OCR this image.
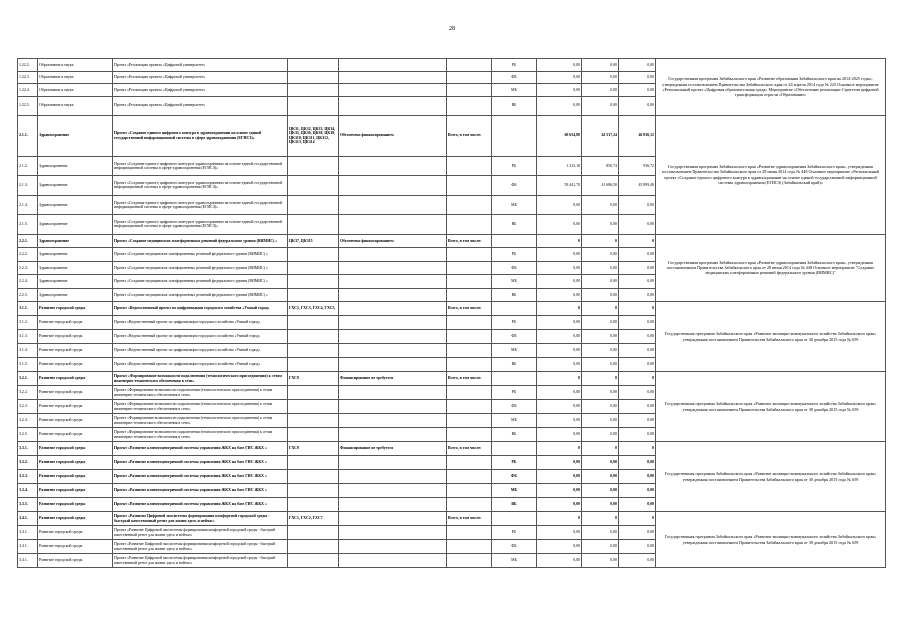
28
1.22.2.	Образование и наука	Проект «Реализация проекта «Цифровой университет»				РБ	0,00	0,00	0,00	Государственная программа Забайкальского края «Развитие образования Забайкальского края на 2014-2025 годы», утвержденная постановлением Правительства Забайкальского края от 24 апреля 2014 года № 225 Основное мероприятие «Региональный проект «Цифровая образовательная среда» Мероприятие «Обеспечение реализации Стратегии цифровой трансформации отрасли «Образование»
1.22.3.	Образование и наука	Проект «Реализация проекта «Цифровой университет»				ФБ	0,00	0,00	0,00	
1.22.4.	Образование и наука	Проект «Реализация проекта «Цифровой университет»				МБ	0,00	0,00	0,00	
1.22.5.	Образование и наука	Проект «Реализация проекта «Цифровой университет»				ВБ	0,00	0,00	0,00	
2.1.1.	Здравоохранение	Проект «Создание единого цифрового контура в здравоохранении на основе единой государственной информационной системы в сфере здравоохранения (ЕГИСЗ)»	ЦКЗ1, ЦКЗ2, ЦКЗ3, ЦКЗ4, ЦКЗ5, ЦКЗ6, ЦКЗ8, ЦКЗ9, ЦКЗ10, ЦКЗ11, ЦКЗ12, ЦКЗ13, ЦКЗ14	Обеспечено финансированием	Всего, в том числе:		60 654,80	42 537,24	46 836,12	Государственная программа Забайкальского края «Развитие здравоохранения Забайкальского края», утвержденная постановлением Правительства Забайкальского края от 28 июня 2014 года № 448 Основное мероприятие «Региональный проект «Создание единого цифрового контура в здравоохранении на основе единой государственной информационной системы здравоохранения (ЕГИСЗ) (Забайкальский край)»
2.1.2.	Здравоохранение	Проект «Создание единого цифрового контура в здравоохранении на основе единой государственной информационной системы в сфере здравоохранения (ЕГИСЗ)»				РБ	1 213,10	850,74	936,72	
2.1.3.	Здравоохранение	Проект «Создание единого цифрового контура в здравоохранении на основе единой государственной информационной системы в сфере здравоохранения (ЕГИСЗ)»				ФБ	59 441,70	41 686,50	45 899,40	
2.1.4.	Здравоохранение	Проект «Создание единого цифрового контура в здравоохранении на основе единой государственной информационной системы в сфере здравоохранения (ЕГИСЗ)»				МБ	0,00	0,00	0,00	
2.1.5.	Здравоохранение	Проект «Создание единого цифрового контура в здравоохранении на основе единой государственной информационной системы в сфере здравоохранения (ЕГИСЗ)»				ВБ	0,00	0,00	0,00	
2.2.1.	Здравоохранение	Проект «Создание медицинских платформенных решений федерального уровня (ВИМИС) »	ЦКЗ7, ЦКЗ15	Обеспечено финансированием	Всего, в том числе:		0	0	0	Государственная программа Забайкальского края «Развитие здравоохранения Забайкальского края», утвержденная постановлением Правительства Забайкальского края от 28 июня 2014 года № 448 Основное мероприятие "Создание медицинских платформенных решений федерального уровня (ВИМИС)"
2.2.2.	Здравоохранение	Проект «Создание медицинских платформенных решений федерального уровня (ВИМИС) »				РБ	0,00	0,00	0,00	
2.2.3.	Здравоохранение	Проект «Создание медицинских платформенных решений федерального уровня (ВИМИС) »				ФБ	0,00	0,00	0,00	
2.2.4.	Здравоохранение	Проект «Создание медицинских платформенных решений федерального уровня (ВИМИС) »				МБ	0,00	0,00	0,00	
2.2.5.	Здравоохранение	Проект «Создание медицинских платформенных решений федерального уровня (ВИМИС) »				ВБ	0,00	0,00	0,00	
3.1.1.	Развитие городской среды	Проект «Ведомственный проект по цифровизации городского хозяйства «Умный город»	ГХС1, ГХС3, ГХС4, ГХС5,		Всего, в том числе:		0	0	0	Государственная программа Забайкальского края «Развитие жилищно-коммунального хозяйства Забайкальского края» утвержденная постановлением Правительства Забайкальского края от 30 декабря 2015 года № 659
3.1.2.	Развитие городской среды	Проект «Ведомственный проект по цифровизации городского хозяйства «Умный город»				РБ	0,00	0,00	0,00	
3.1.3.	Развитие городской среды	Проект «Ведомственный проект по цифровизации городского хозяйства «Умный город»				ФБ	0,00	0,00	0,00	
3.1.4.	Развитие городской среды	Проект «Ведомственный проект по цифровизации городского хозяйства «Умный город»				МБ	0,00	0,00	0,00	
3.1.5.	Развитие городской среды	Проект «Ведомственный проект по цифровизации городского хозяйства «Умный город»				ВБ	0,00	0,00	0,00	
3.2.1.	Развитие городской среды	Проект «Формирование возможности подключения (технологического присоединения) к сетям инженерно-технического обеспечения в сети»	ГХС9	Финансирование не требуется	Всего, в том числе:		0	0	0	Государственная программа Забайкальского края «Развитие жилищно-коммунального хозяйства Забайкальского края» утвержденная постановлением Правительства Забайкальского края от 30 декабря 2015 года № 659
3.2.2.	Развитие городской среды	Проект «Формирование возможности подключения (технологического присоединения) к сетям инженерно-технического обеспечения в сети»				РБ	0,00	0,00	0,00	
3.2.3.	Развитие городской среды	Проект «Формирование возможности подключения (технологического присоединения) к сетям инженерно-технического обеспечения в сети»				ФБ	0,00	0,00	0,00	
3.2.4.	Развитие городской среды	Проект «Формирование возможности подключения (технологического присоединения) к сетям инженерно-технического обеспечения в сети»				МБ	0,00	0,00	0,00	
3.2.5.	Развитие городской среды	Проект «Формирование возможности подключения (технологического присоединения) к сетям инженерно-технического обеспечения в сети»				ВБ	0,00	0,00	0,00	
3.3.1.	Развитие городской среды	Проект «Развитие клиентоцентричной системы управления ЖКХ на базе ГИС ЖКХ »	ГХС9	Финансирование не требуется	Всего, в том числе:		0	0	0	Государственная программа Забайкальского края «Развитие жилищно-коммунального хозяйства Забайкальского края» утвержденная постановлением Правительства Забайкальского края от 30 декабря 2015 года № 659
3.3.2.	Развитие городской среды	Проект «Развитие клиентоцентричной системы управления ЖКХ на базе ГИС ЖКХ »				РБ	0,00	0,00	0,00	
3.3.3.	Развитие городской среды	Проект «Развитие клиентоцентричной системы управления ЖКХ на базе ГИС ЖКХ »				ФБ	0,00	0,00	0,00	
3.3.4.	Развитие городской среды	Проект «Развитие клиентоцентричной системы управления ЖКХ на базе ГИС ЖКХ »				МБ	0,00	0,00	0,00	
3.3.5.	Развитие городской среды	Проект «Развитие клиентоцентричной системы управления ЖКХ на базе ГИС ЖКХ »				ВБ	0,00	0,00	0,00	
3.4.1.	Развитие городской среды	Проект «Развитие Цифровой экосистемы формирования комфортной городской среды - быстрый качественный ретит для жизни здесь и нейчас»	ГХС1, ГХС2, ГХС7		Всего, в том числе:		0	0	0	Государственная программа Забайкальского края «Развитие жилищно-коммунального хозяйства Забайкальского края» утвержденная постановлением Правительства Забайкальского края от 30 декабря 2015 года № 659
3.4.1.	Развитие городской среды	Проект «Развитие Цифровой экосистемы формирования комфортной городской среды - быстрый качественный ретит для жизни здесь и нейчас»				РБ	0,00	0,00	0,00	
3.4.1.	Развитие городской среды	Проект «Развитие Цифровой экосистемы формирования комфортной городской среды - быстрый качественный ретит для жизни здесь и нейчас»				ФБ	0,00	0,00	0,00	
3.4.1.	Развитие городской среды	Проект «Развитие Цифровой экосистемы формирования комфортной городской среды - быстрый качественный ретит для жизни здесь и нейчас»				МБ	0,00	0,00	0,00	
